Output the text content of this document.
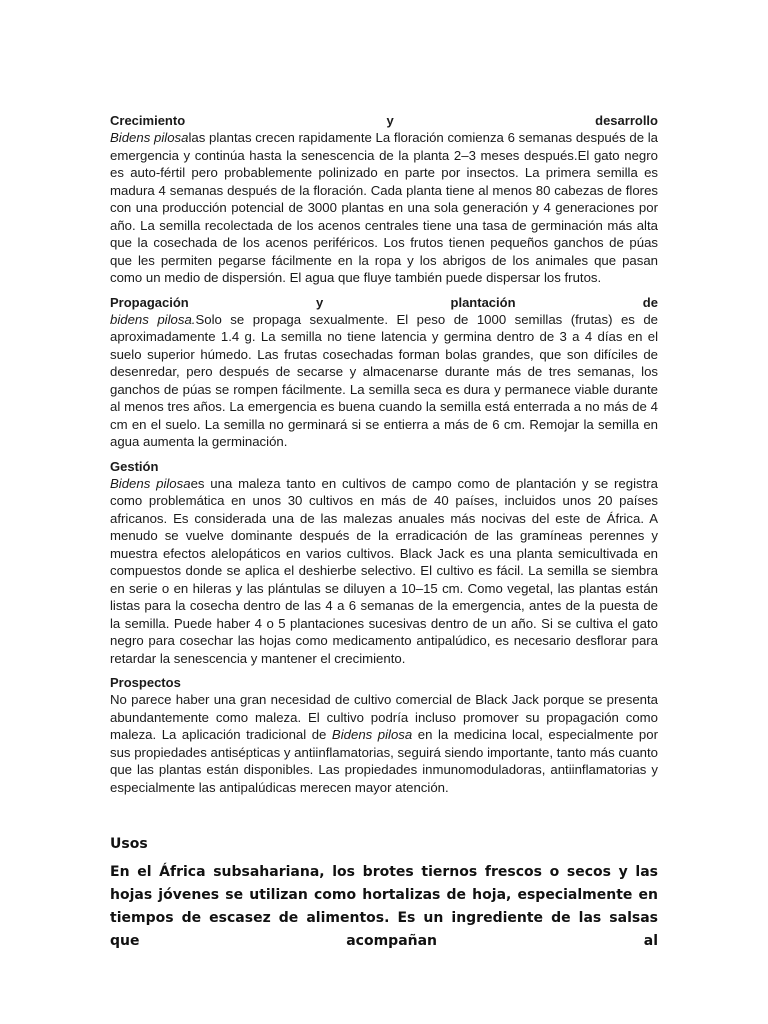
Crecimiento	y	desarrollo

Bidens pilosalas plantas crecen rapidamente La floración comienza 6 semanas después de la emergencia y continúa hasta la senescencia de la planta 2–3 meses después.El gato negro es auto-fértil pero probablemente polinizado en parte por insectos. La primera semilla es madura 4 semanas después de la floración. Cada planta tiene al menos 80 cabezas de flores con una producción potencial de 3000 plantas en una sola generación y 4 generaciones por año. La semilla recolectada de los acenos centrales tiene una tasa de germinación más alta que la cosechada de los acenos periféricos. Los frutos tienen pequeños ganchos de púas que les permiten pegarse fácilmente en la ropa y los abrigos de los animales que pasan como un medio de dispersión. El agua que fluye también puede dispersar los frutos.

Propagación	y	plantación	de

bidens pilosa.Solo se propaga sexualmente. El peso de 1000 semillas (frutas) es de aproximadamente 1.4 g. La semilla no tiene latencia y germina dentro de 3 a 4 días en el suelo superior húmedo. Las frutas cosechadas forman bolas grandes, que son difíciles de desenredar, pero después de secarse y almacenarse durante más de tres semanas, los ganchos de púas se rompen fácilmente. La semilla seca es dura y permanece viable durante al menos tres años. La emergencia es buena cuando la semilla está enterrada a no más de 4 cm en el suelo. La semilla no germinará si se entierra a más de 6 cm. Remojar la semilla en agua aumenta la germinación.

Gestión

Bidens pilosaes una maleza tanto en cultivos de campo como de plantación y se registra como problemática en unos 30 cultivos en más de 40 países, incluidos unos 20 países africanos. Es considerada una de las malezas anuales más nocivas del este de África. A menudo se vuelve dominante después de la erradicación de las gramíneas perennes y muestra efectos alelopáticos en varios cultivos. Black Jack es una planta semicultivada en compuestos donde se aplica el deshierbe selectivo. El cultivo es fácil. La semilla se siembra en serie o en hileras y las plántulas se diluyen a 10–15 cm. Como vegetal, las plantas están listas para la cosecha dentro de las 4 a 6 semanas de la emergencia, antes de la puesta de la semilla. Puede haber 4 o 5 plantaciones sucesivas dentro de un año. Si se cultiva el gato negro para cosechar las hojas como medicamento antipalúdico, es necesario desflorar para retardar la senescencia y mantener el crecimiento.

Prospectos

No parece haber una gran necesidad de cultivo comercial de Black Jack porque se presenta abundantemente como maleza. El cultivo podría incluso promover su propagación como maleza. La aplicación tradicional de Bidens pilosa en la medicina local, especialmente por sus propiedades antisépticas y antiinflamatorias, seguirá siendo importante, tanto más cuanto que las plantas están disponibles. Las propiedades inmunomoduladoras, antiinflamatorias y especialmente las antipalúdicas merecen mayor atención.

Usos

En el África subsahariana, los brotes tiernos frescos o secos y las hojas jóvenes se utilizan como hortalizas de hoja, especialmente en tiempos de escasez de alimentos. Es un ingrediente de las salsas que acompañan al
